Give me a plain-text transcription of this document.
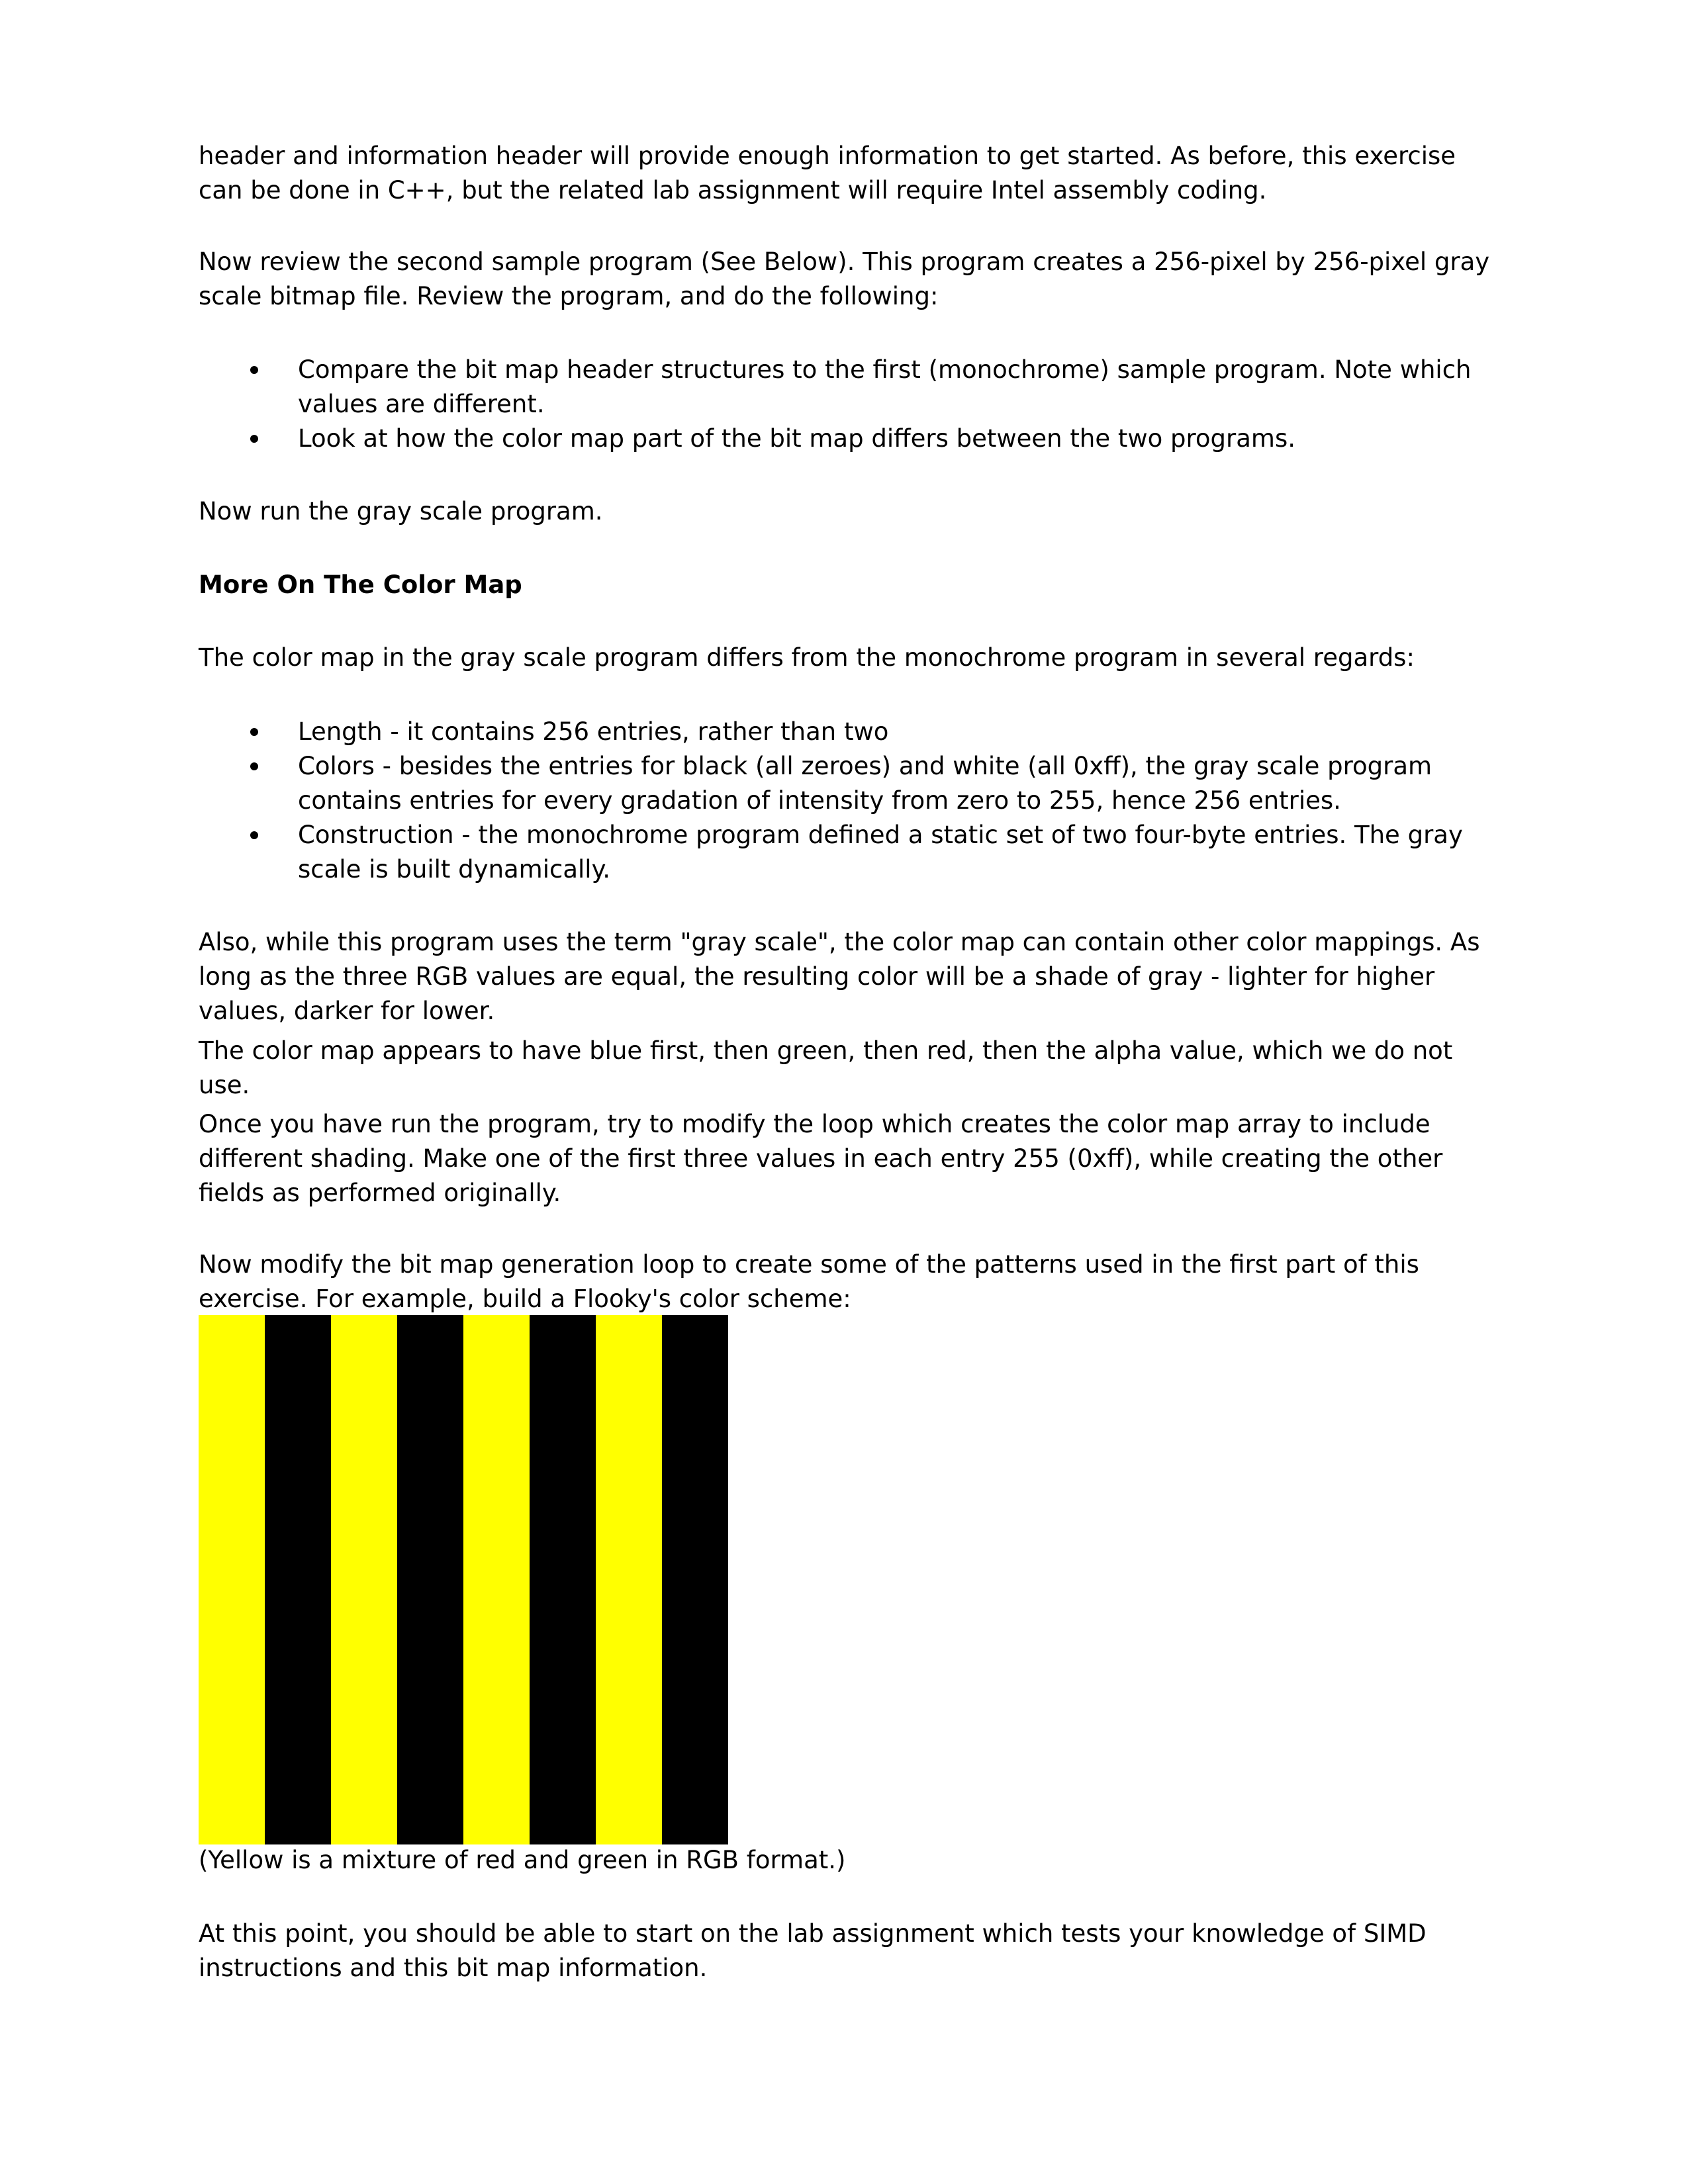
header and information header will provide enough information to get started. As before, this exercise can be done in C++, but the related lab assignment will require Intel assembly coding.
Now review the second sample program (See Below). This program creates a 256-pixel by 256-pixel gray scale bitmap file. Review the program, and do the following:
Compare the bit map header structures to the first (monochrome) sample program. Note which values are different.
Look at how the color map part of the bit map differs between the two programs.
Now run the gray scale program.
More On The Color Map
The color map in the gray scale program differs from the monochrome program in several regards:
Length - it contains 256 entries, rather than two
Colors - besides the entries for black (all zeroes) and white (all 0xff), the gray scale program contains entries for every gradation of intensity from zero to 255, hence 256 entries.
Construction - the monochrome program defined a static set of two four-byte entries. The gray scale is built dynamically.
Also, while this program uses the term "gray scale", the color map can contain other color mappings. As long as the three RGB values are equal, the resulting color will be a shade of gray - lighter for higher values, darker for lower.
The color map appears to have blue first, then green, then red, then the alpha value, which we do not use.
Once you have run the program, try to modify the loop which creates the color map array to include different shading. Make one of the first three values in each entry 255 (0xff), while creating the other fields as performed originally.
Now modify the bit map generation loop to create some of the patterns used in the first part of this exercise. For example, build a Flooky's color scheme:
(Yellow is a mixture of red and green in RGB format.)
At this point, you should be able to start on the lab assignment which tests your knowledge of SIMD instructions and this bit map information.
